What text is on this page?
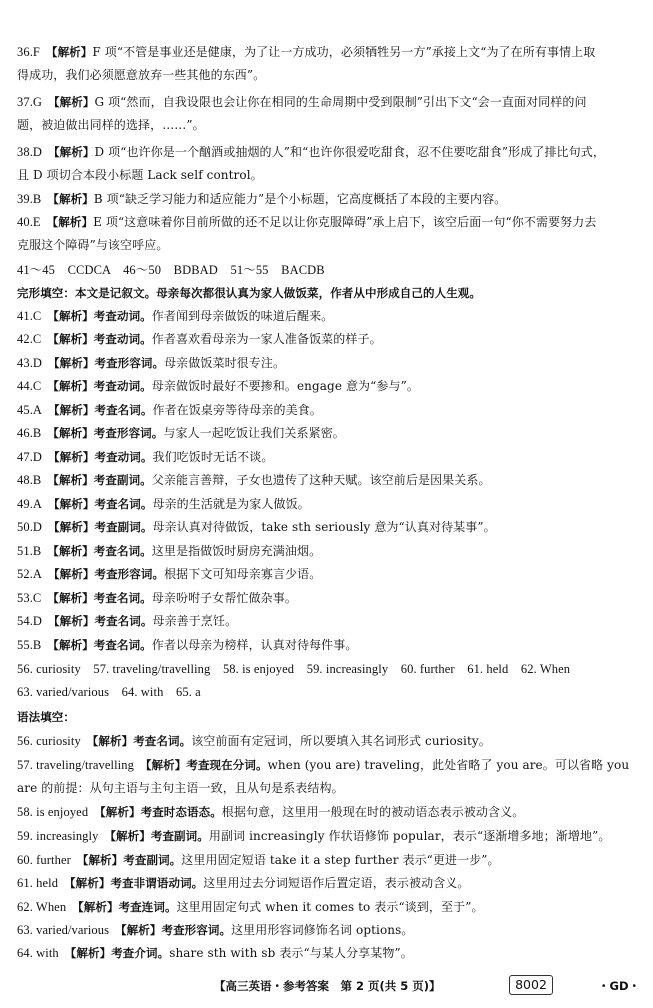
36.F 【解析】F 项“不管是事业还是健康，为了让一方成功，必须牺牲另一方”承接上文“为了在所有事情上取
得成功，我们必须愿意放弃一些其他的东西”。
37.G 【解析】G 项“然而，自我设限也会让你在相同的生命周期中受到限制”引出下文“会一直面对同样的问
题，被迫做出同样的选择，……”。
38.D 【解析】D 项“也许你是一个酗酒或抽烟的人”和“也许你很爱吃甜食，忍不住要吃甜食”形成了排比句式，
且 D 项切合本段小标题 Lack self control。
39.B 【解析】B 项“缺乏学习能力和适应能力”是个小标题，它高度概括了本段的主要内容。
40.E 【解析】E 项“这意味着你目前所做的还不足以让你克服障碍”承上启下，该空后面一句“你不需要努力去
克服这个障碍”与该空呼应。
41～45　CCDCA　46～50　BDBAD　51～55　BACDB
完形填空：本文是记叙文。母亲每次都很认真为家人做饭菜，作者从中形成自己的人生观。
41.C 【解析】考查动词。作者闻到母亲做饭的味道后醒来。
42.C 【解析】考查动词。作者喜欢看母亲为一家人准备饭菜的样子。
43.D 【解析】考查形容词。母亲做饭菜时很专注。
44.C 【解析】考查动词。母亲做饭时最好不要掺和。engage 意为“参与”。
45.A 【解析】考查名词。作者在饭桌旁等待母亲的美食。
46.B 【解析】考查形容词。与家人一起吃饭让我们关系紧密。
47.D 【解析】考查动词。我们吃饭时无话不谈。
48.B 【解析】考查副词。父亲能言善辩，子女也遗传了这种天赋。该空前后是因果关系。
49.A 【解析】考查名词。母亲的生活就是为家人做饭。
50.D 【解析】考查副词。母亲认真对待做饭，take sth seriously 意为“认真对待某事”。
51.B 【解析】考查名词。这里是指做饭时厨房充满油烟。
52.A 【解析】考查形容词。根据下文可知母亲寡言少语。
53.C 【解析】考查名词。母亲吩咐子女帮忙做杂事。
54.D 【解析】考查名词。母亲善于烹饪。
55.B 【解析】考查名词。作者以母亲为榜样，认真对待每件事。
56. curiosity　57. traveling/travelling　58. is enjoyed　59. increasingly　60. further　61. held　62. When
63. varied/various　64. with　65. a
语法填空：
56. curiosity 【解析】考查名词。该空前面有定冠词，所以要填入其名词形式 curiosity。
57. traveling/travelling 【解析】考查现在分词。when (you are) traveling，此处省略了 you are。可以省略 you
are 的前提：从句主语与主句主语一致，且从句是系表结构。
58. is enjoyed 【解析】考查时态语态。根据句意，这里用一般现在时的被动语态表示被动含义。
59. increasingly 【解析】考查副词。用副词 increasingly 作状语修饰 popular，表示“逐渐增多地；渐增地”。
60. further 【解析】考查副词。这里用固定短语 take it a step further 表示“更进一步”。
61. held 【解析】考查非谓语动词。这里用过去分词短语作后置定语，表示被动含义。
62. When 【解析】考查连词。这里用固定句式 when it comes to 表示“谈到，至于”。
63. varied/various 【解析】考查形容词。这里用形容词修饰名词 options。
64. with 【解析】考查介词。share sth with sb 表示“与某人分享某物”。
【高三英语・参考答案　第 2 页(共 5 页)】	8002	・GD・
